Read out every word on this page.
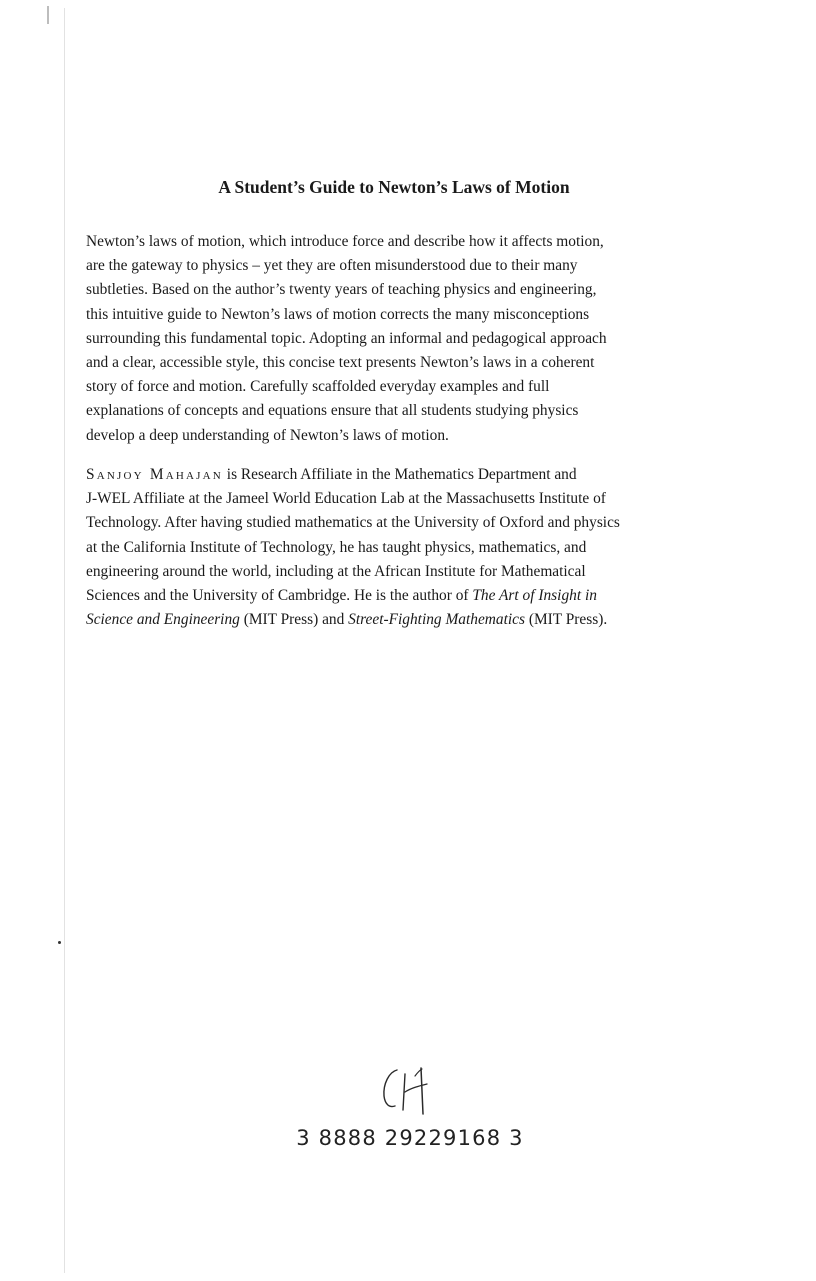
A Student’s Guide to Newton’s Laws of Motion
Newton’s laws of motion, which introduce force and describe how it affects motion,
are the gateway to physics – yet they are often misunderstood due to their many
subtleties. Based on the author’s twenty years of teaching physics and engineering,
this intuitive guide to Newton’s laws of motion corrects the many misconceptions
surrounding this fundamental topic. Adopting an informal and pedagogical approach
and a clear, accessible style, this concise text presents Newton’s laws in a coherent
story of force and motion. Carefully scaffolded everyday examples and full
explanations of concepts and equations ensure that all students studying physics
develop a deep understanding of Newton’s laws of motion.
Sanjoy Mahajan is Research Affiliate in the Mathematics Department and
J-WEL Affiliate at the Jameel World Education Lab at the Massachusetts Institute of
Technology. After having studied mathematics at the University of Oxford and physics
at the California Institute of Technology, he has taught physics, mathematics, and
engineering around the world, including at the African Institute for Mathematical
Sciences and the University of Cambridge. He is the author of The Art of Insight in
Science and Engineering (MIT Press) and Street-Fighting Mathematics (MIT Press).

3 8888 29229168 3
